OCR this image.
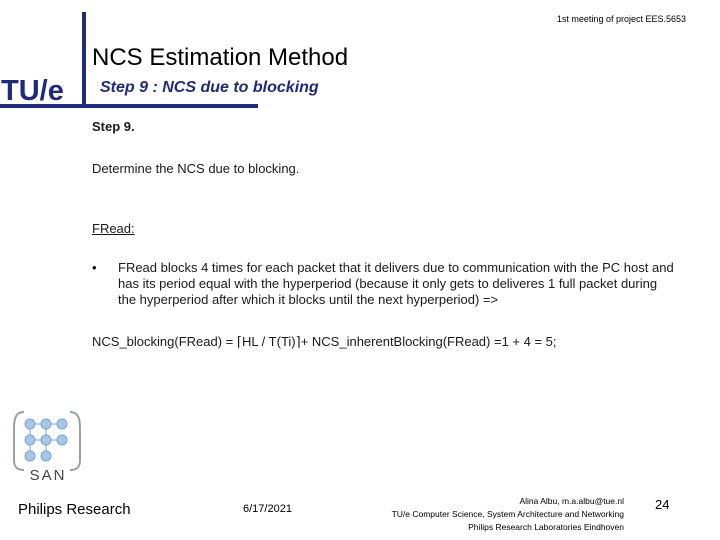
1st meeting of project EES.5653
NCS Estimation Method
Step 9 : NCS due to blocking
TU/e
Step 9.
Determine the NCS due to blocking.
FRead:
• FRead blocks 4 times for each packet that it delivers due to communication with the PC host and has its period equal with the hyperperiod (because it only gets to deliveres 1 full packet during the hyperperiod after which it blocks until the next hyperperiod) =>
NCS_blocking(FRead) = ⌈HL / T(Ti)⌉+ NCS_inherentBlocking(FRead) =1 + 4 = 5;
SAN
Philips Research	6/17/2021
Alina Albu, m.a.albu@tue.nl
TU/e Computer Science, System Architecture and Networking
Philips Research Laboratories Eindhoven
24
